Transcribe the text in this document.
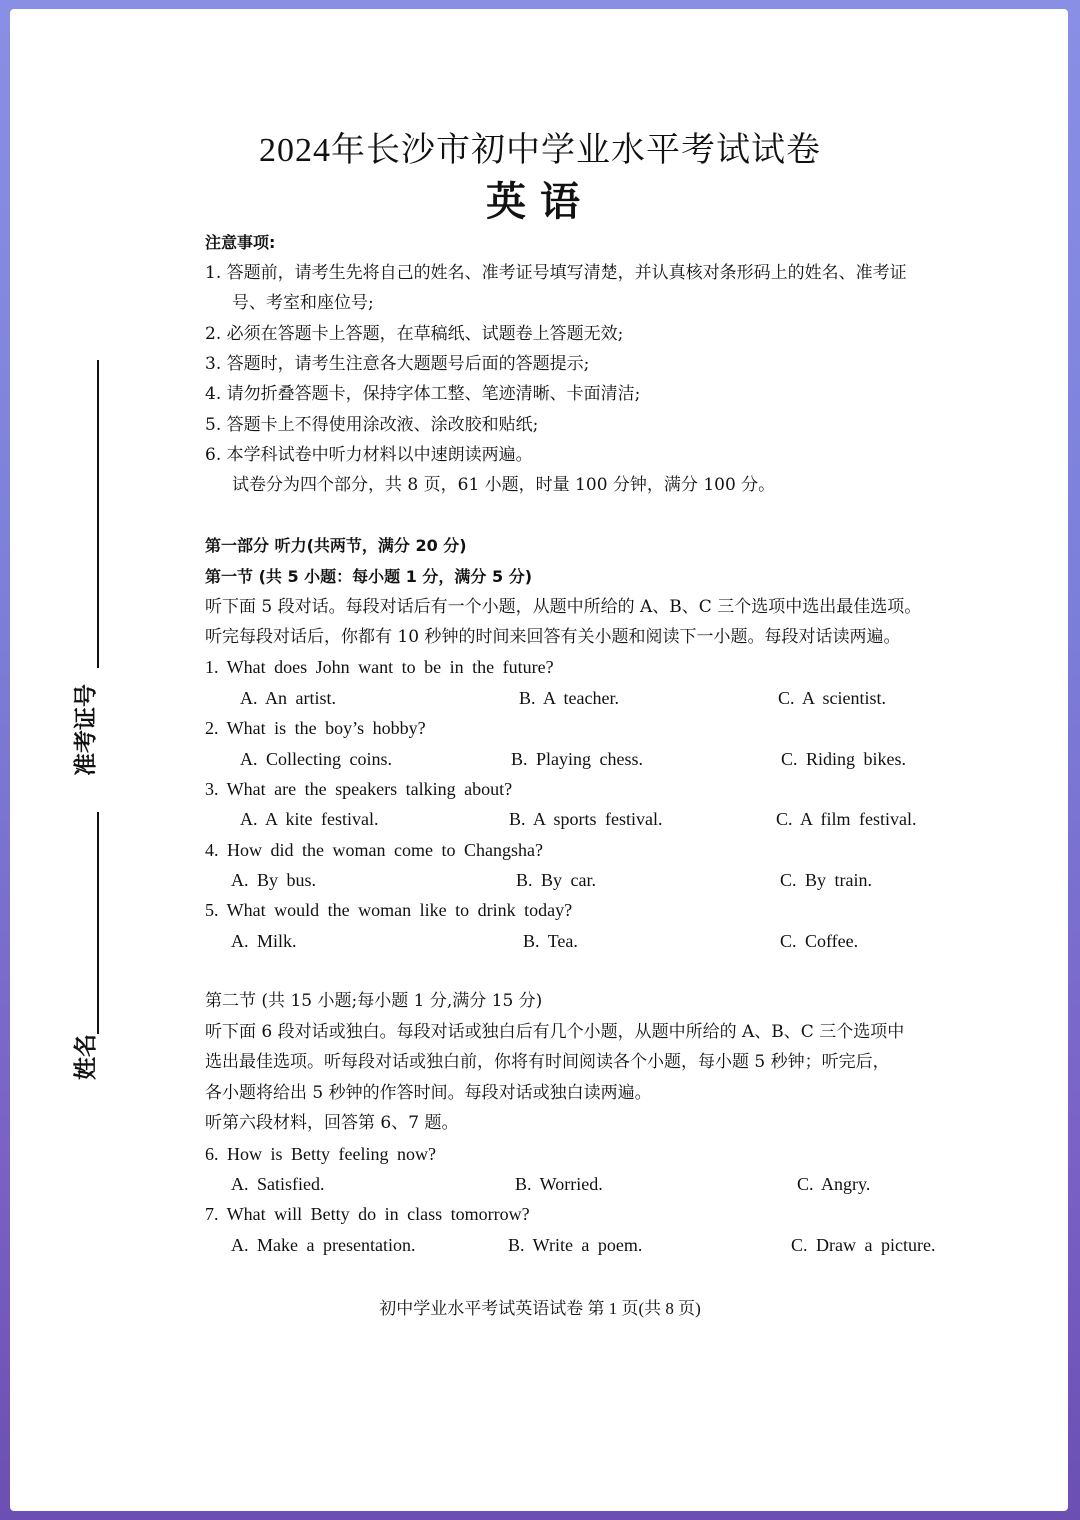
2024年长沙市初中学业水平考试试卷
英语
注意事项:
1. 答题前，请考生先将自己的姓名、准考证号填写清楚，并认真核对条形码上的姓名、准考证
号、考室和座位号;
2. 必须在答题卡上答题，在草稿纸、试题卷上答题无效;
3. 答题时，请考生注意各大题题号后面的答题提示;
4. 请勿折叠答题卡，保持字体工整、笔迹清晰、卡面清洁;
5. 答题卡上不得使用涂改液、涂改胶和贴纸;
6. 本学科试卷中听力材料以中速朗读两遍。
试卷分为四个部分，共 8 页，61 小题，时量 100 分钟，满分 100 分。
第一部分 听力(共两节，满分 20 分)
第一节 (共 5 小题：每小题 1 分，满分 5 分)
听下面 5 段对话。每段对话后有一个小题，从题中所给的 A、B、C 三个选项中选出最佳选项。
听完每段对话后，你都有 10 秒钟的时间来回答有关小题和阅读下一小题。每段对话读两遍。
1. What does John want to be in the future?
A. An artist.	B. A teacher.	C. A scientist.
2. What is the boy’s hobby?
A. Collecting coins.	B. Playing chess.	C. Riding bikes.
3. What are the speakers talking about?
A. A kite festival.	B. A sports festival.	C. A film festival.
4. How did the woman come to Changsha?
A. By bus.	B. By car.	C. By train.
5. What would the woman like to drink today?
A. Milk.	B. Tea.	C. Coffee.
第二节 (共 15 小题;每小题 1 分,满分 15 分)
听下面 6 段对话或独白。每段对话或独白后有几个小题，从题中所给的 A、B、C 三个选项中
选出最佳选项。听每段对话或独白前，你将有时间阅读各个小题，每小题 5 秒钟；听完后，
各小题将给出 5 秒钟的作答时间。每段对话或独白读两遍。
听第六段材料，回答第 6、7 题。
6. How is Betty feeling now?
A. Satisfied.	B. Worried.	C. Angry.
7. What will Betty do in class tomorrow?
A. Make a presentation.	B. Write a poem.	C. Draw a picture.
初中学业水平考试英语试卷 第 1 页(共 8 页)
准考证号
姓名
